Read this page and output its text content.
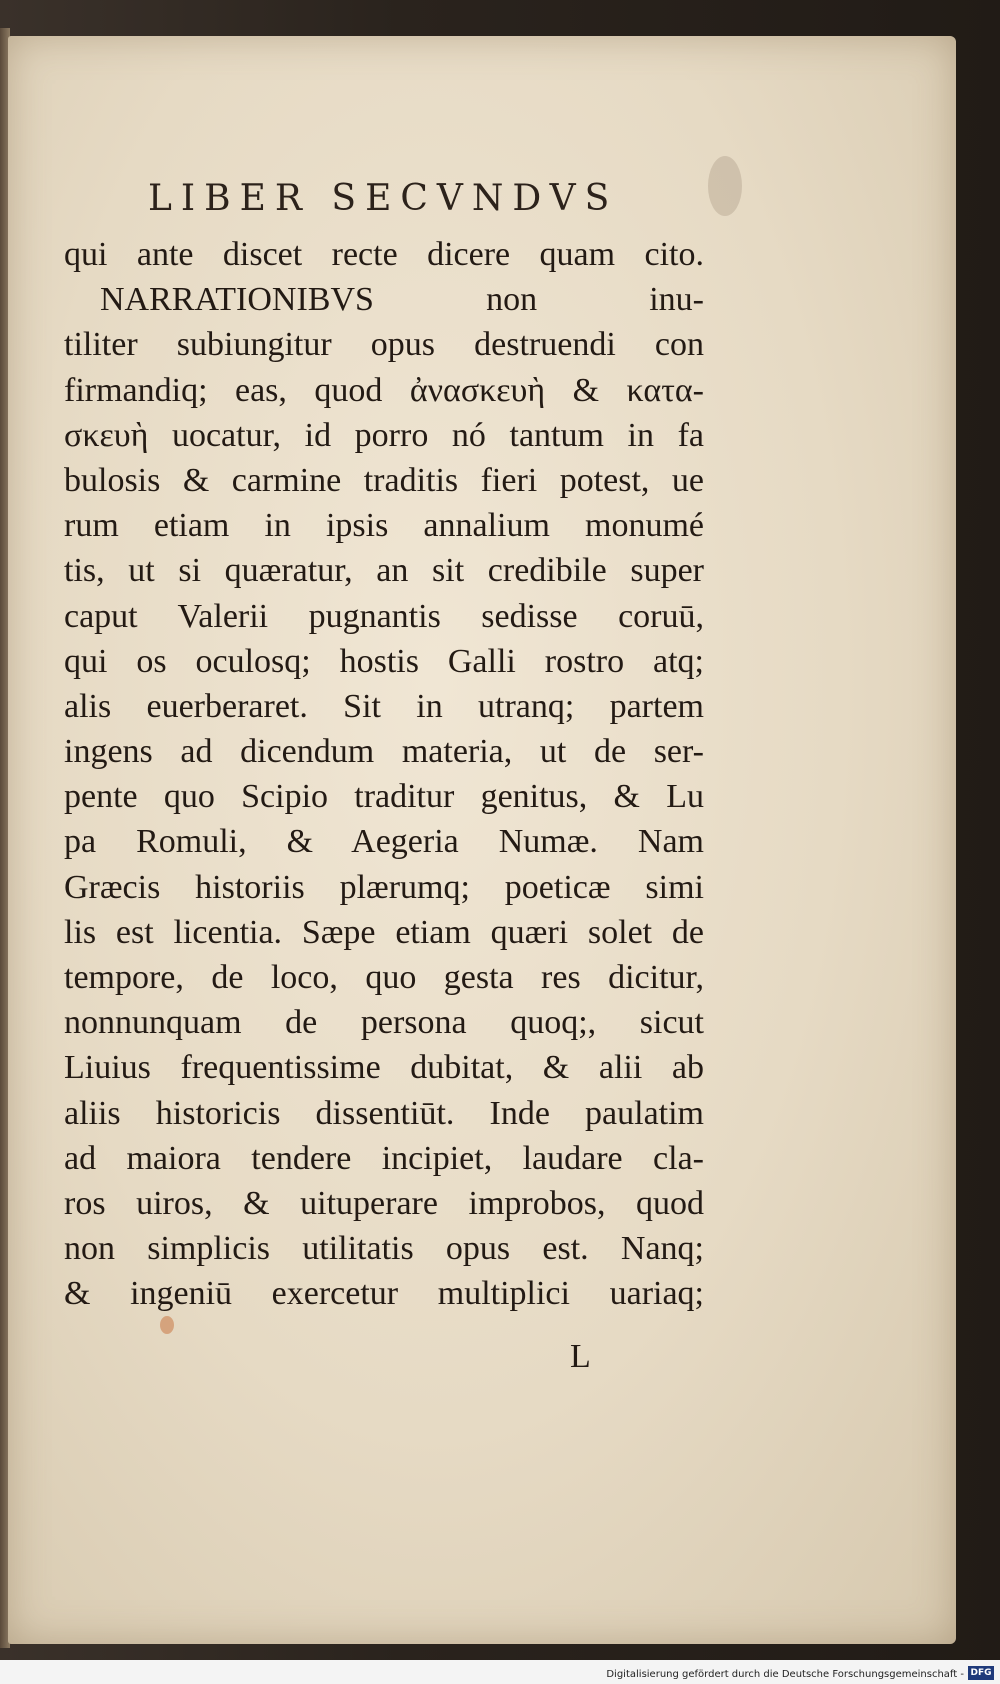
LIBER SECVNDVS
qui ante discet recte dicere quam cito.
NARRATIONIBVS non inu-
tiliter subiungitur opus destruendi con
firmandiq; eas, quod ἀνασκευὴ & κατα-
σκευὴ uocatur, id porro nó tantum in fa
bulosis & carmine traditis fieri potest, ue
rum etiam in ipsis annalium monumé
tis, ut si quæratur, an sit credibile super
caput Valerii pugnantis sedisse coruū,
qui os oculosq; hostis Galli rostro atq;
alis euerberaret. Sit in utranq; partem
ingens ad dicendum materia, ut de ser-
pente quo Scipio traditur genitus, & Lu
pa Romuli, & Aegeria Numæ. Nam
Græcis historiis plærumq; poeticæ simi
lis est licentia. Sæpe etiam quæri solet de
tempore, de loco, quo gesta res dicitur,
nonnunquam de persona quoq;, sicut
Liuius frequentissime dubitat, & alii ab
aliis historicis dissentiūt. Inde paulatim
ad maiora tendere incipiet, laudare cla-
ros uiros, & uituperare improbos, quod
non simplicis utilitatis opus est. Nanq;
& ingeniū exercetur multiplici uariaq;
L
Digitalisierung gefördert durch die Deutsche Forschungsgemeinschaft - DFG
